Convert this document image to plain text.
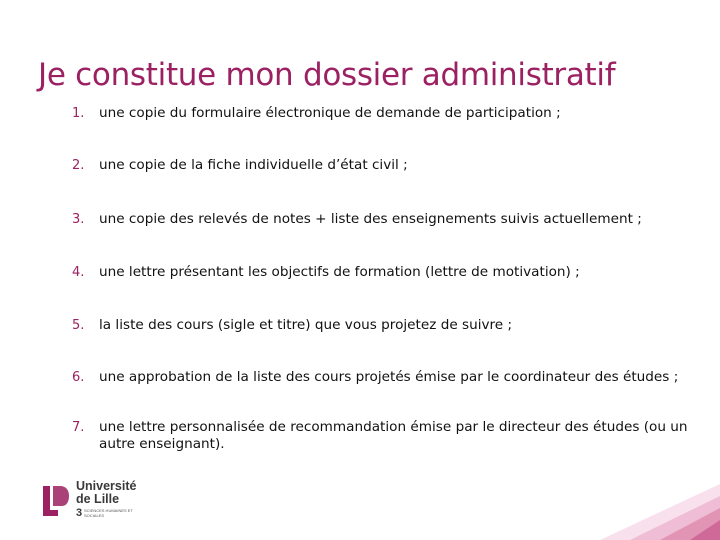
Je constitue mon dossier administratif
1.	une copie du formulaire électronique de demande de participation ;
2.	une copie de la fiche individuelle d’état civil ;
3.	une copie des relevés de notes + liste des enseignements suivis actuellement ;
4.	une lettre présentant les objectifs de formation (lettre de motivation) ;
5.	la liste des cours (sigle et titre) que vous projetez de suivre ;
6.	une approbation de la liste des cours projetés émise par le coordinateur des études ;
7.	une lettre personnalisée de recommandation émise par le directeur des études (ou un autre enseignant).
Université
de Lille
3 SCIENCES HUMAINES ET SOCIALES
